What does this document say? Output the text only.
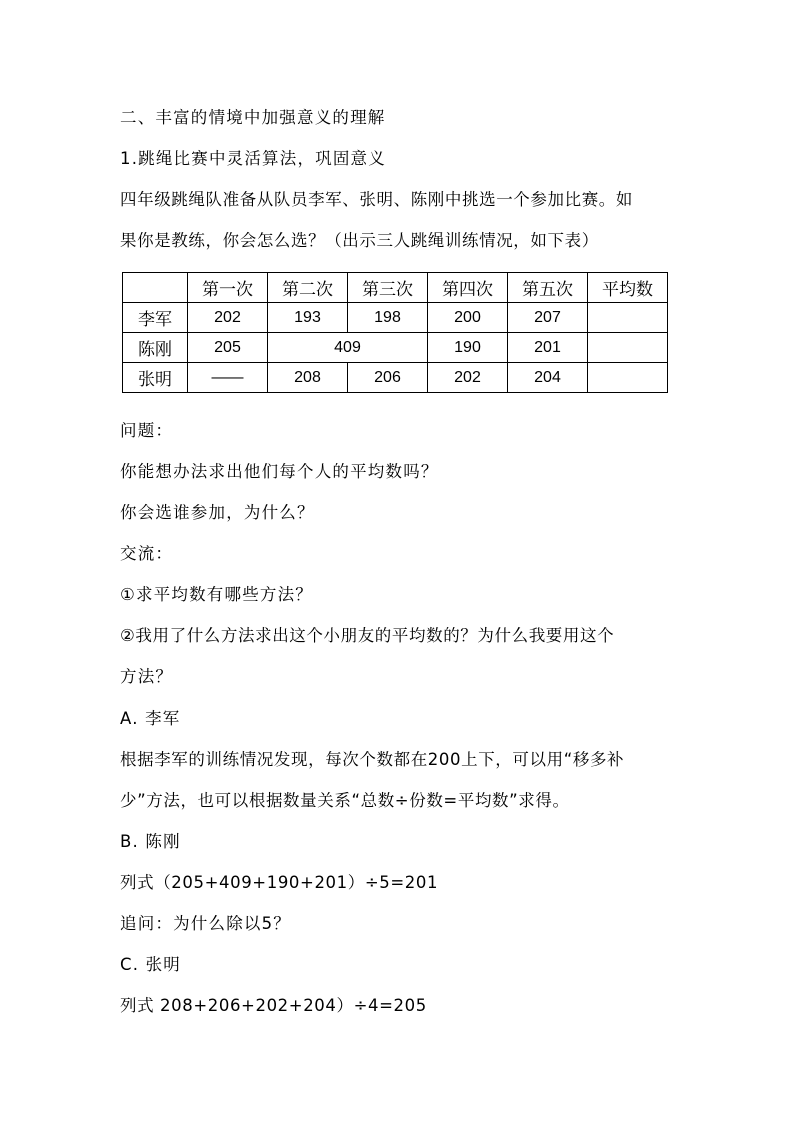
二、丰富的情境中加强意义的理解
1.跳绳比赛中灵活算法，巩固意义
四年级跳绳队准备从队员李军、张明、陈刚中挑选一个参加比赛。如
果你是教练，你会怎么选？（出示三人跳绳训练情况，如下表）
	第一次	第二次	第三次	第四次	第五次	平均数
李军	202	193	198	200	207	
陈刚	205	409		190	201	
张明	——	208	206	202	204	
问题：
你能想办法求出他们每个人的平均数吗？
你会选谁参加，为什么？
交流：
①求平均数有哪些方法？
②我用了什么方法求出这个小朋友的平均数的？为什么我要用这个
方法？
A. 李军
根据李军的训练情况发现，每次个数都在200上下，可以用“移多补
少”方法，也可以根据数量关系“总数÷份数=平均数”求得。
B. 陈刚
列式（205+409+190+201）÷5=201
追问：为什么除以5？
C. 张明
列式 208+206+202+204）÷4=205
